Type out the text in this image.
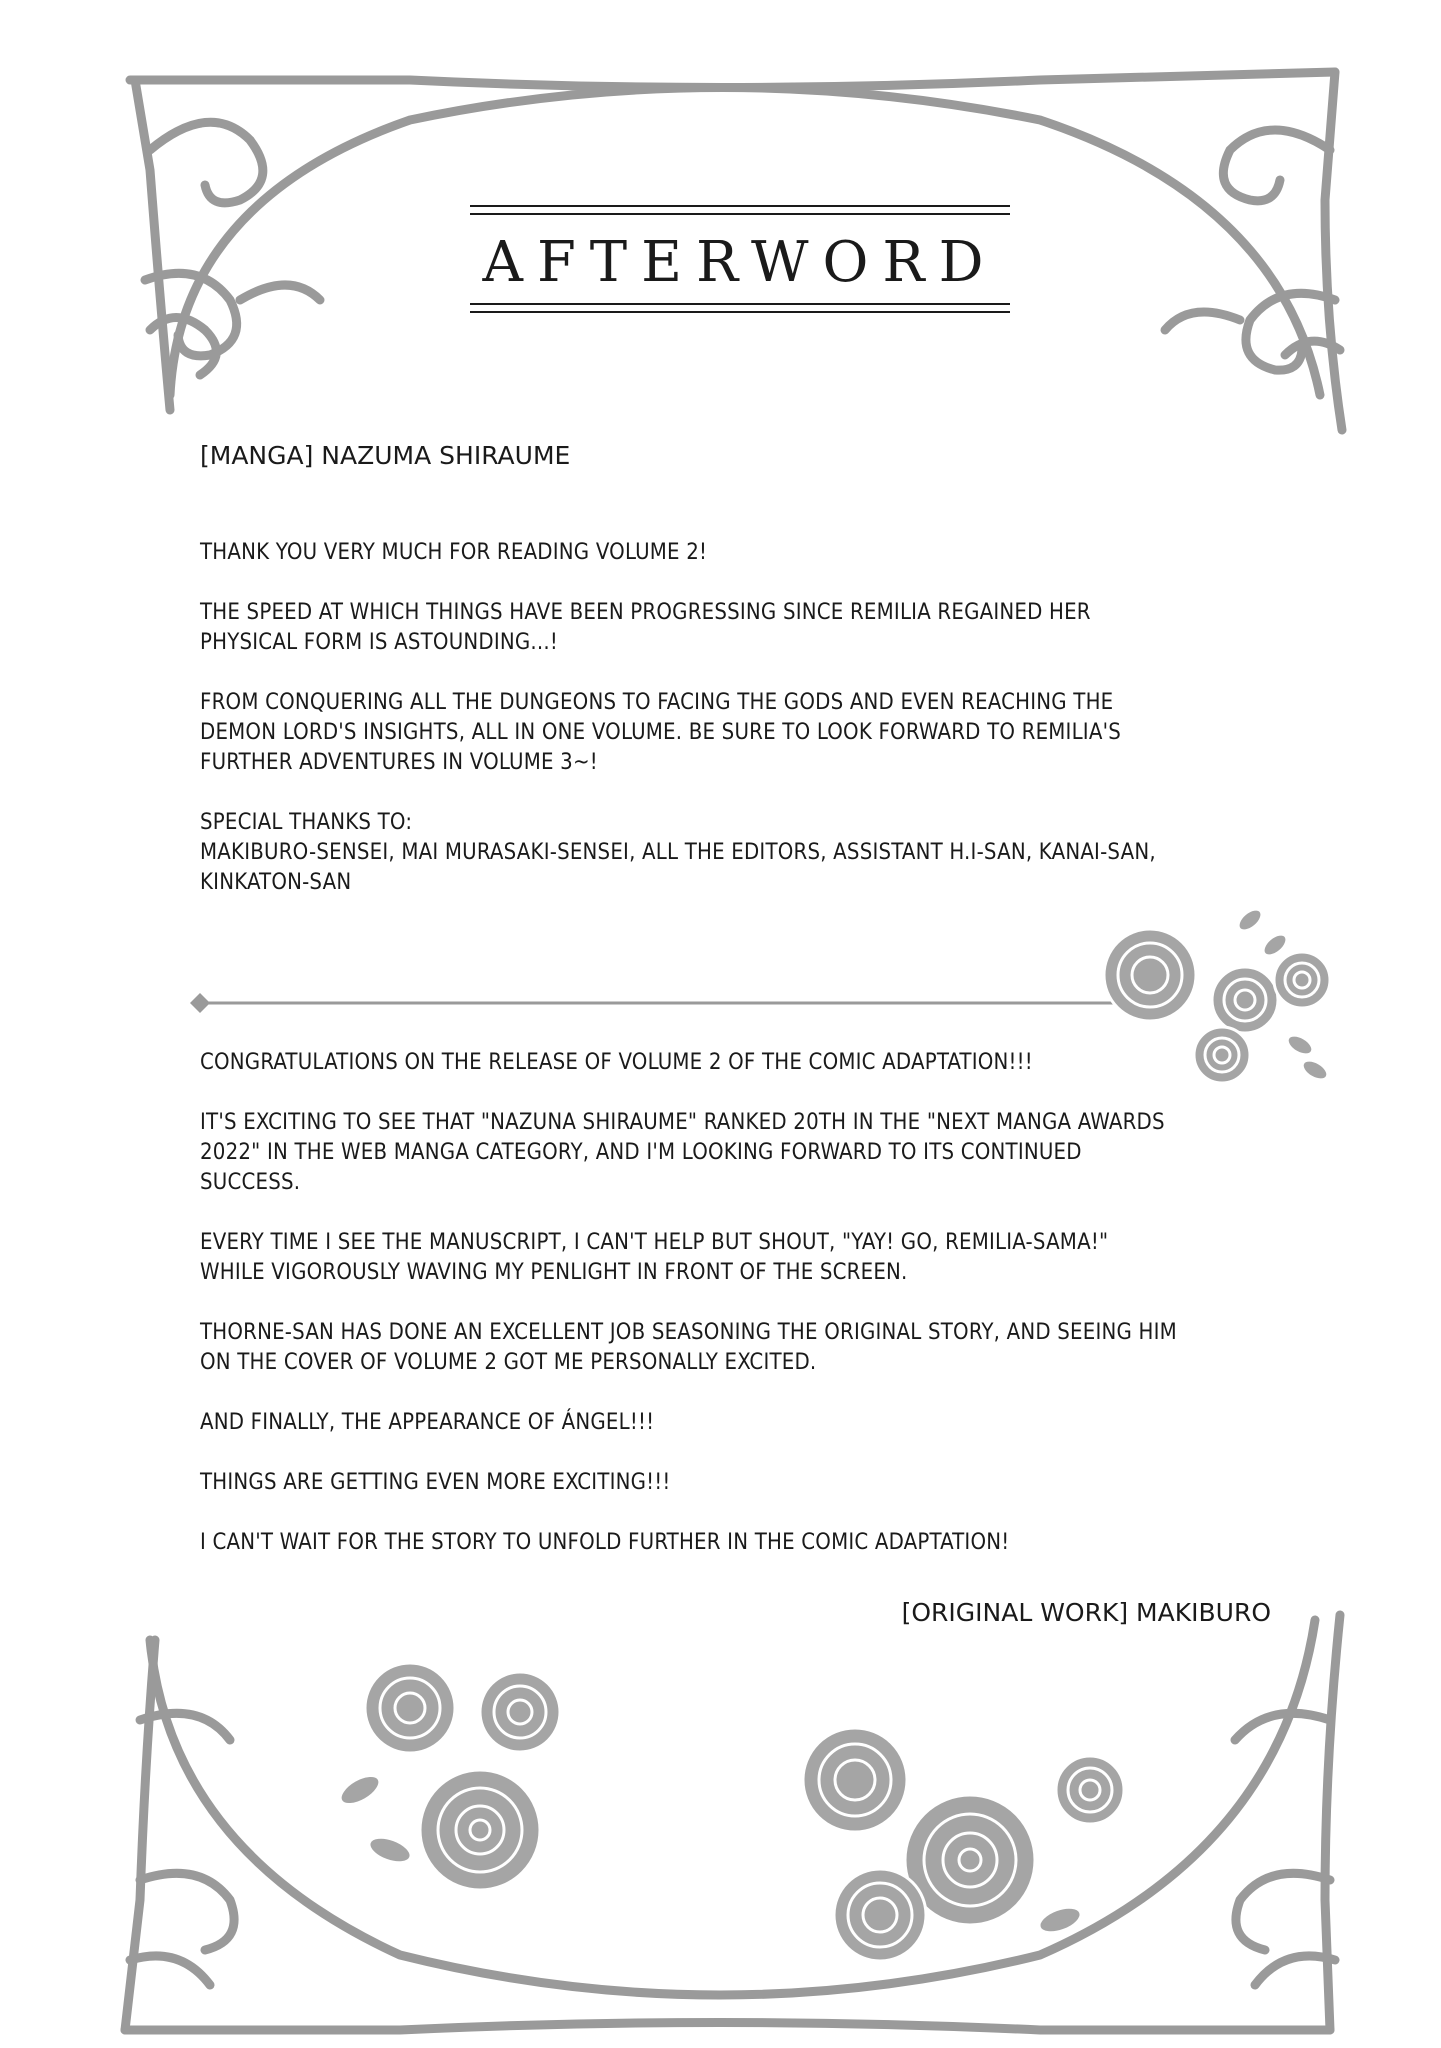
AFTERWORD
[MANGA] NAZUMA SHIRAUME
THANK YOU VERY MUCH FOR READING VOLUME 2!
THE SPEED AT WHICH THINGS HAVE BEEN PROGRESSING SINCE REMILIA REGAINED HER
PHYSICAL FORM IS ASTOUNDING...!
FROM CONQUERING ALL THE DUNGEONS TO FACING THE GODS AND EVEN REACHING THE
DEMON LORD'S INSIGHTS, ALL IN ONE VOLUME. BE SURE TO LOOK FORWARD TO REMILIA'S
FURTHER ADVENTURES IN VOLUME 3~!
SPECIAL THANKS TO:
MAKIBURO-SENSEI, MAI MURASAKI-SENSEI, ALL THE EDITORS, ASSISTANT H.I-SAN, KANAI-SAN,
KINKATON-SAN
CONGRATULATIONS ON THE RELEASE OF VOLUME 2 OF THE COMIC ADAPTATION!!!
IT'S EXCITING TO SEE THAT "NAZUNA SHIRAUME" RANKED 20TH IN THE "NEXT MANGA AWARDS
2022" IN THE WEB MANGA CATEGORY, AND I'M LOOKING FORWARD TO ITS CONTINUED
SUCCESS.
EVERY TIME I SEE THE MANUSCRIPT, I CAN'T HELP BUT SHOUT, "YAY! GO, REMILIA-SAMA!"
WHILE VIGOROUSLY WAVING MY PENLIGHT IN FRONT OF THE SCREEN.
THORNE-SAN HAS DONE AN EXCELLENT JOB SEASONING THE ORIGINAL STORY, AND SEEING HIM
ON THE COVER OF VOLUME 2 GOT ME PERSONALLY EXCITED.
AND FINALLY, THE APPEARANCE OF ÁNGEL!!!
THINGS ARE GETTING EVEN MORE EXCITING!!!
I CAN'T WAIT FOR THE STORY TO UNFOLD FURTHER IN THE COMIC ADAPTATION!
[ORIGINAL WORK] MAKIBURO
